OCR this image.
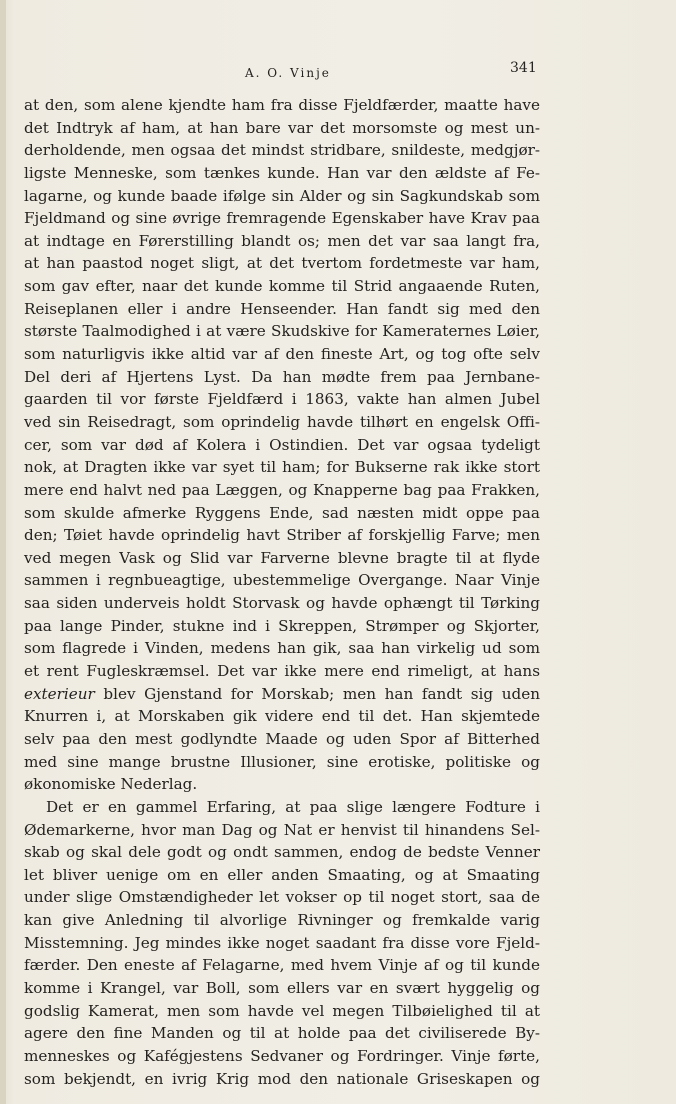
A. O. Vinje	341
at den, som alene kjendte ham fra disse Fjeldfærder, maatte have
det Indtryk af ham, at han bare var det morsomste og mest un-
derholdende, men ogsaa det mindst stridbare, snildeste, medgjør-
ligste Menneske, som tænkes kunde. Han var den ældste af Fe-
lagarne, og kunde baade ifølge sin Alder og sin Sagkundskab som
Fjeldmand og sine øvrige fremragende Egenskaber have Krav paa
at indtage en Førerstilling blandt os; men det var saa langt fra,
at han paastod noget sligt, at det tvertom fordetmeste var ham,
som gav efter, naar det kunde komme til Strid angaaende Ruten,
Reiseplanen eller i andre Henseender. Han fandt sig med den
største Taalmodighed i at være Skudskive for Kameraternes Løier,
som naturligvis ikke altid var af den fineste Art, og tog ofte selv
Del deri af Hjertens Lyst. Da han mødte frem paa Jernbane-
gaarden til vor første Fjeldfærd i 1863, vakte han almen Jubel
ved sin Reisedragt, som oprindelig havde tilhørt en engelsk Offi-
cer, som var død af Kolera i Ostindien. Det var ogsaa tydeligt
nok, at Dragten ikke var syet til ham; for Bukserne rak ikke stort
mere end halvt ned paa Læggen, og Knapperne bag paa Frakken,
som skulde afmerke Ryggens Ende, sad næsten midt oppe paa
den; Tøiet havde oprindelig havt Striber af forskjellig Farve; men
ved megen Vask og Slid var Farverne blevne bragte til at flyde
sammen i regnbueagtige, ubestemmelige Overgange. Naar Vinje
saa siden underveis holdt Storvask og havde ophængt til Tørking
paa lange Pinder, stukne ind i Skreppen, Strømper og Skjorter,
som flagrede i Vinden, medens han gik, saa han virkelig ud som
et rent Fugleskræmsel. Det var ikke mere end rimeligt, at hans
exterieur blev Gjenstand for Morskab; men han fandt sig uden
Knurren i, at Morskaben gik videre end til det. Han skjemtede
selv paa den mest godlyndte Maade og uden Spor af Bitterhed
med sine mange brustne Illusioner, sine erotiske, politiske og
økonomiske Nederlag.
Det er en gammel Erfaring, at paa slige længere Fodture i
Ødemarkerne, hvor man Dag og Nat er henvist til hinandens Sel-
skab og skal dele godt og ondt sammen, endog de bedste Venner
let bliver uenige om en eller anden Smaating, og at Smaating
under slige Omstændigheder let vokser op til noget stort, saa de
kan give Anledning til alvorlige Rivninger og fremkalde varig
Misstemning. Jeg mindes ikke noget saadant fra disse vore Fjeld-
færder. Den eneste af Felagarne, med hvem Vinje af og til kunde
komme i Krangel, var Boll, som ellers var en svært hyggelig og
godslig Kamerat, men som havde vel megen Tilbøielighed til at
agere den fine Manden og til at holde paa det civiliserede By-
menneskes og Kafégjestens Sedvaner og Fordringer. Vinje førte,
som bekjendt, en ivrig Krig mod den nationale Griseskapen og
